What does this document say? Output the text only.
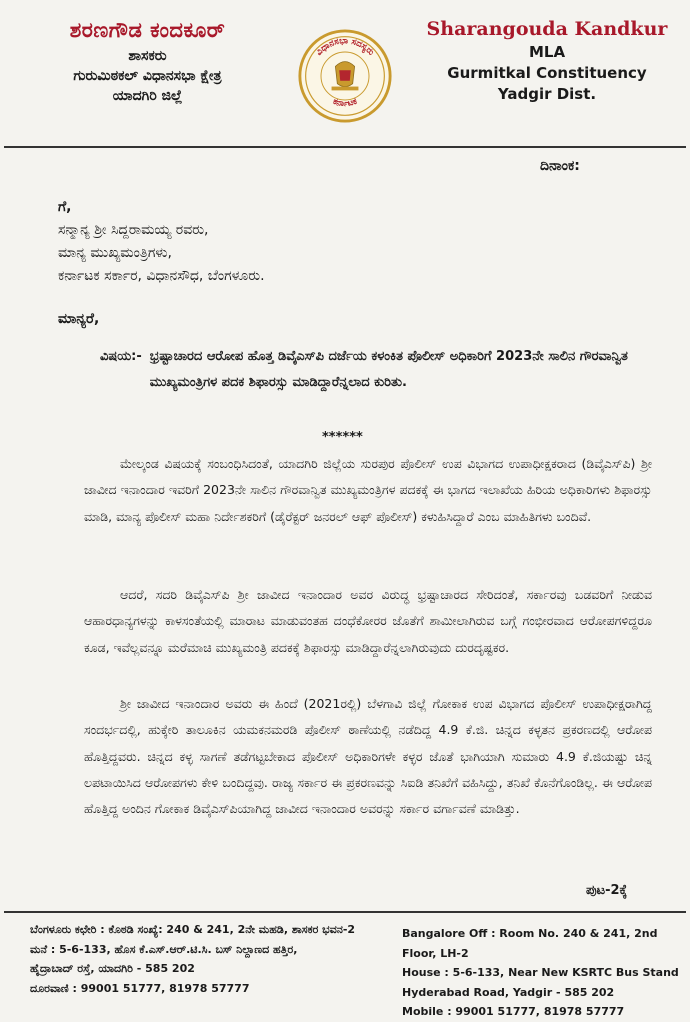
ಶರಣಗೌಡ ಕಂದಕೂರ್
ಶಾಸಕರು
ಗುರುಮಿಠಕಲ್ ವಿಧಾನಸಭಾ ಕ್ಷೇತ್ರ
ಯಾದಗಿರಿ ಜಿಲ್ಲೆ
ವಿಧಾನಸಭಾ ಸದಸ್ಯರು
ಕರ್ನಾಟಕ
Sharangouda Kandkur
MLA
Gurmitkal Constituency
Yadgir Dist.
ದಿನಾಂಕ:
ಗೆ,
ಸನ್ಮಾನ್ಯ ಶ್ರೀ ಸಿದ್ದರಾಮಯ್ಯ ರವರು,
ಮಾನ್ಯ ಮುಖ್ಯಮಂತ್ರಿಗಳು,
ಕರ್ನಾಟಕ ಸರ್ಕಾರ, ವಿಧಾನಸೌಧ, ಬೆಂಗಳೂರು.
ಮಾನ್ಯರೆ,
ವಿಷಯ:- ಭ್ರಷ್ಟಾಚಾರದ ಆರೋಪ ಹೊತ್ತ ಡಿವೈಎಸ್‌ಪಿ ದರ್ಜೆಯ ಕಳಂಕಿತ ಪೊಲೀಸ್ ಅಧಿಕಾರಿಗೆ 2023ನೇ ಸಾಲಿನ ಗೌರವಾನ್ವಿತ ಮುಖ್ಯಮಂತ್ರಿಗಳ ಪದಕ ಶಿಫಾರಸ್ಸು ಮಾಡಿದ್ದಾರೆನ್ನಲಾದ ಕುರಿತು.
******
ಮೇಲ್ಕಂಡ ವಿಷಯಕ್ಕೆ ಸಂಬಂಧಿಸಿದಂತೆ, ಯಾದಗಿರಿ ಜಿಲ್ಲೆಯ ಸುರಪುರ ಪೊಲೀಸ್ ಉಪ ವಿಭಾಗದ ಉಪಾಧೀಕ್ಷಕರಾದ (ಡಿವೈಎಸ್‌ಪಿ) ಶ್ರೀ ಜಾವೀದ ಇನಾಂದಾರ ಇವರಿಗೆ 2023ನೇ ಸಾಲಿನ ಗೌರವಾನ್ವಿತ ಮುಖ್ಯಮಂತ್ರಿಗಳ ಪದಕಕ್ಕೆ ಈ ಭಾಗದ ಇಲಾಖೆಯ ಹಿರಿಯ ಅಧಿಕಾರಿಗಳು ಶಿಫಾರಸ್ಸು ಮಾಡಿ, ಮಾನ್ಯ ಪೊಲೀಸ್ ಮಹಾ ನಿರ್ದೇಶಕರಿಗೆ (ಡೈರೆಕ್ಟರ್ ಜನರಲ್ ಆಫ್ ಪೊಲೀಸ್) ಕಳುಹಿಸಿದ್ದಾರೆ ಎಂಬ ಮಾಹಿತಿಗಳು ಬಂದಿವೆ.
ಆದರೆ, ಸದರಿ ಡಿವೈಎಸ್‌ಪಿ ಶ್ರೀ ಜಾವೀದ ಇನಾಂದಾರ ಅವರ ವಿರುದ್ಧ ಭ್ರಷ್ಟಾಚಾರದ ಸೇರಿದಂತೆ, ಸರ್ಕಾರವು ಬಡವರಿಗೆ ನೀಡುವ ಆಹಾರಧಾನ್ಯಗಳನ್ನು ಕಾಳಸಂತೆಯಲ್ಲಿ ಮಾರಾಟ ಮಾಡುವಂತಹ ದಂಧೆಕೋರರ ಜೊತೆಗೆ ಶಾಮೀಲಾಗಿರುವ ಬಗ್ಗೆ ಗಂಭೀರವಾದ ಆರೋಪಗಳಿದ್ದರೂ ಕೂಡ, ಇವೆಲ್ಲವನ್ನೂ ಮರೆಮಾಚಿ ಮುಖ್ಯಮಂತ್ರಿ ಪದಕಕ್ಕೆ ಶಿಫಾರಸ್ಸು ಮಾಡಿದ್ದಾರೆನ್ನಲಾಗಿರುವುದು ದುರದೃಷ್ಟಕರ.
ಶ್ರೀ ಜಾವೀದ ಇನಾಂದಾರ ಅವರು ಈ ಹಿಂದೆ (2021ರಲ್ಲಿ) ಬೆಳಗಾವಿ ಜಿಲ್ಲೆ ಗೋಕಾಕ ಉಪ ವಿಭಾಗದ ಪೊಲೀಸ್ ಉಪಾಧೀಕ್ಷರಾಗಿದ್ದ ಸಂದರ್ಭದಲ್ಲಿ, ಹುಕ್ಕೇರಿ ತಾಲೂಕಿನ ಯಮಕನಮರಡಿ ಪೊಲೀಸ್ ಠಾಣೆಯಲ್ಲಿ ನಡೆದಿದ್ದ 4.9 ಕೆ.ಜಿ. ಚಿನ್ನದ ಕಳ್ಳತನ ಪ್ರಕರಣದಲ್ಲಿ ಆರೋಪ ಹೊತ್ತಿದ್ದವರು. ಚಿನ್ನದ ಕಳ್ಳ ಸಾಗಣೆ ತಡೆಗಟ್ಟಬೇಕಾದ ಪೊಲೀಸ್ ಅಧಿಕಾರಿಗಳೇ ಕಳ್ಳರ ಜೊತೆ ಭಾಗಿಯಾಗಿ ಸುಮಾರು 4.9 ಕೆ.ಜಿಯಷ್ಟು ಚಿನ್ನ ಲಪಟಾಯಿಸಿದ ಆರೋಪಗಳು ಕೇಳಿ ಬಂದಿದ್ದವು. ರಾಜ್ಯ ಸರ್ಕಾರ ಈ ಪ್ರಕರಣವನ್ನು ಸಿಐಡಿ ತನಿಖೆಗೆ ವಹಿಸಿದ್ದು, ತನಿಖೆ ಕೊನೆಗೊಂಡಿಲ್ಲ. ಈ ಆರೋಪ ಹೊತ್ತಿದ್ದ ಅಂದಿನ ಗೋಕಾಕ ಡಿವೈಎಸ್‌ಪಿಯಾಗಿದ್ದ ಜಾವೀದ ಇನಾಂದಾರ ಅವರನ್ನು ಸರ್ಕಾರ ವರ್ಗಾವಣೆ ಮಾಡಿತ್ತು.
ಪುಟ-2ಕ್ಕೆ
ಬೆಂಗಳೂರು ಕಛೇರಿ : ಕೊಠಡಿ ಸಂಖ್ಯೆ: 240 & 241, 2ನೇ ಮಹಡಿ, ಶಾಸಕರ ಭವನ-2
ಮನೆ : 5-6-133, ಹೊಸ ಕೆ.ಎಸ್.ಆರ್.ಟಿ.ಸಿ. ಬಸ್ ನಿಲ್ದಾಣದ ಹತ್ತಿರ,
ಹೈದ್ರಾಬಾದ್ ರಸ್ತೆ, ಯಾದಗಿರಿ - 585 202
ದೂರವಾಣಿ : 99001 51777, 81978 57777
Bangalore Off : Room No. 240 & 241, 2nd Floor, LH-2
House : 5-6-133, Near New KSRTC Bus Stand
Hyderabad Road, Yadgir - 585 202
Mobile : 99001 51777, 81978 57777
